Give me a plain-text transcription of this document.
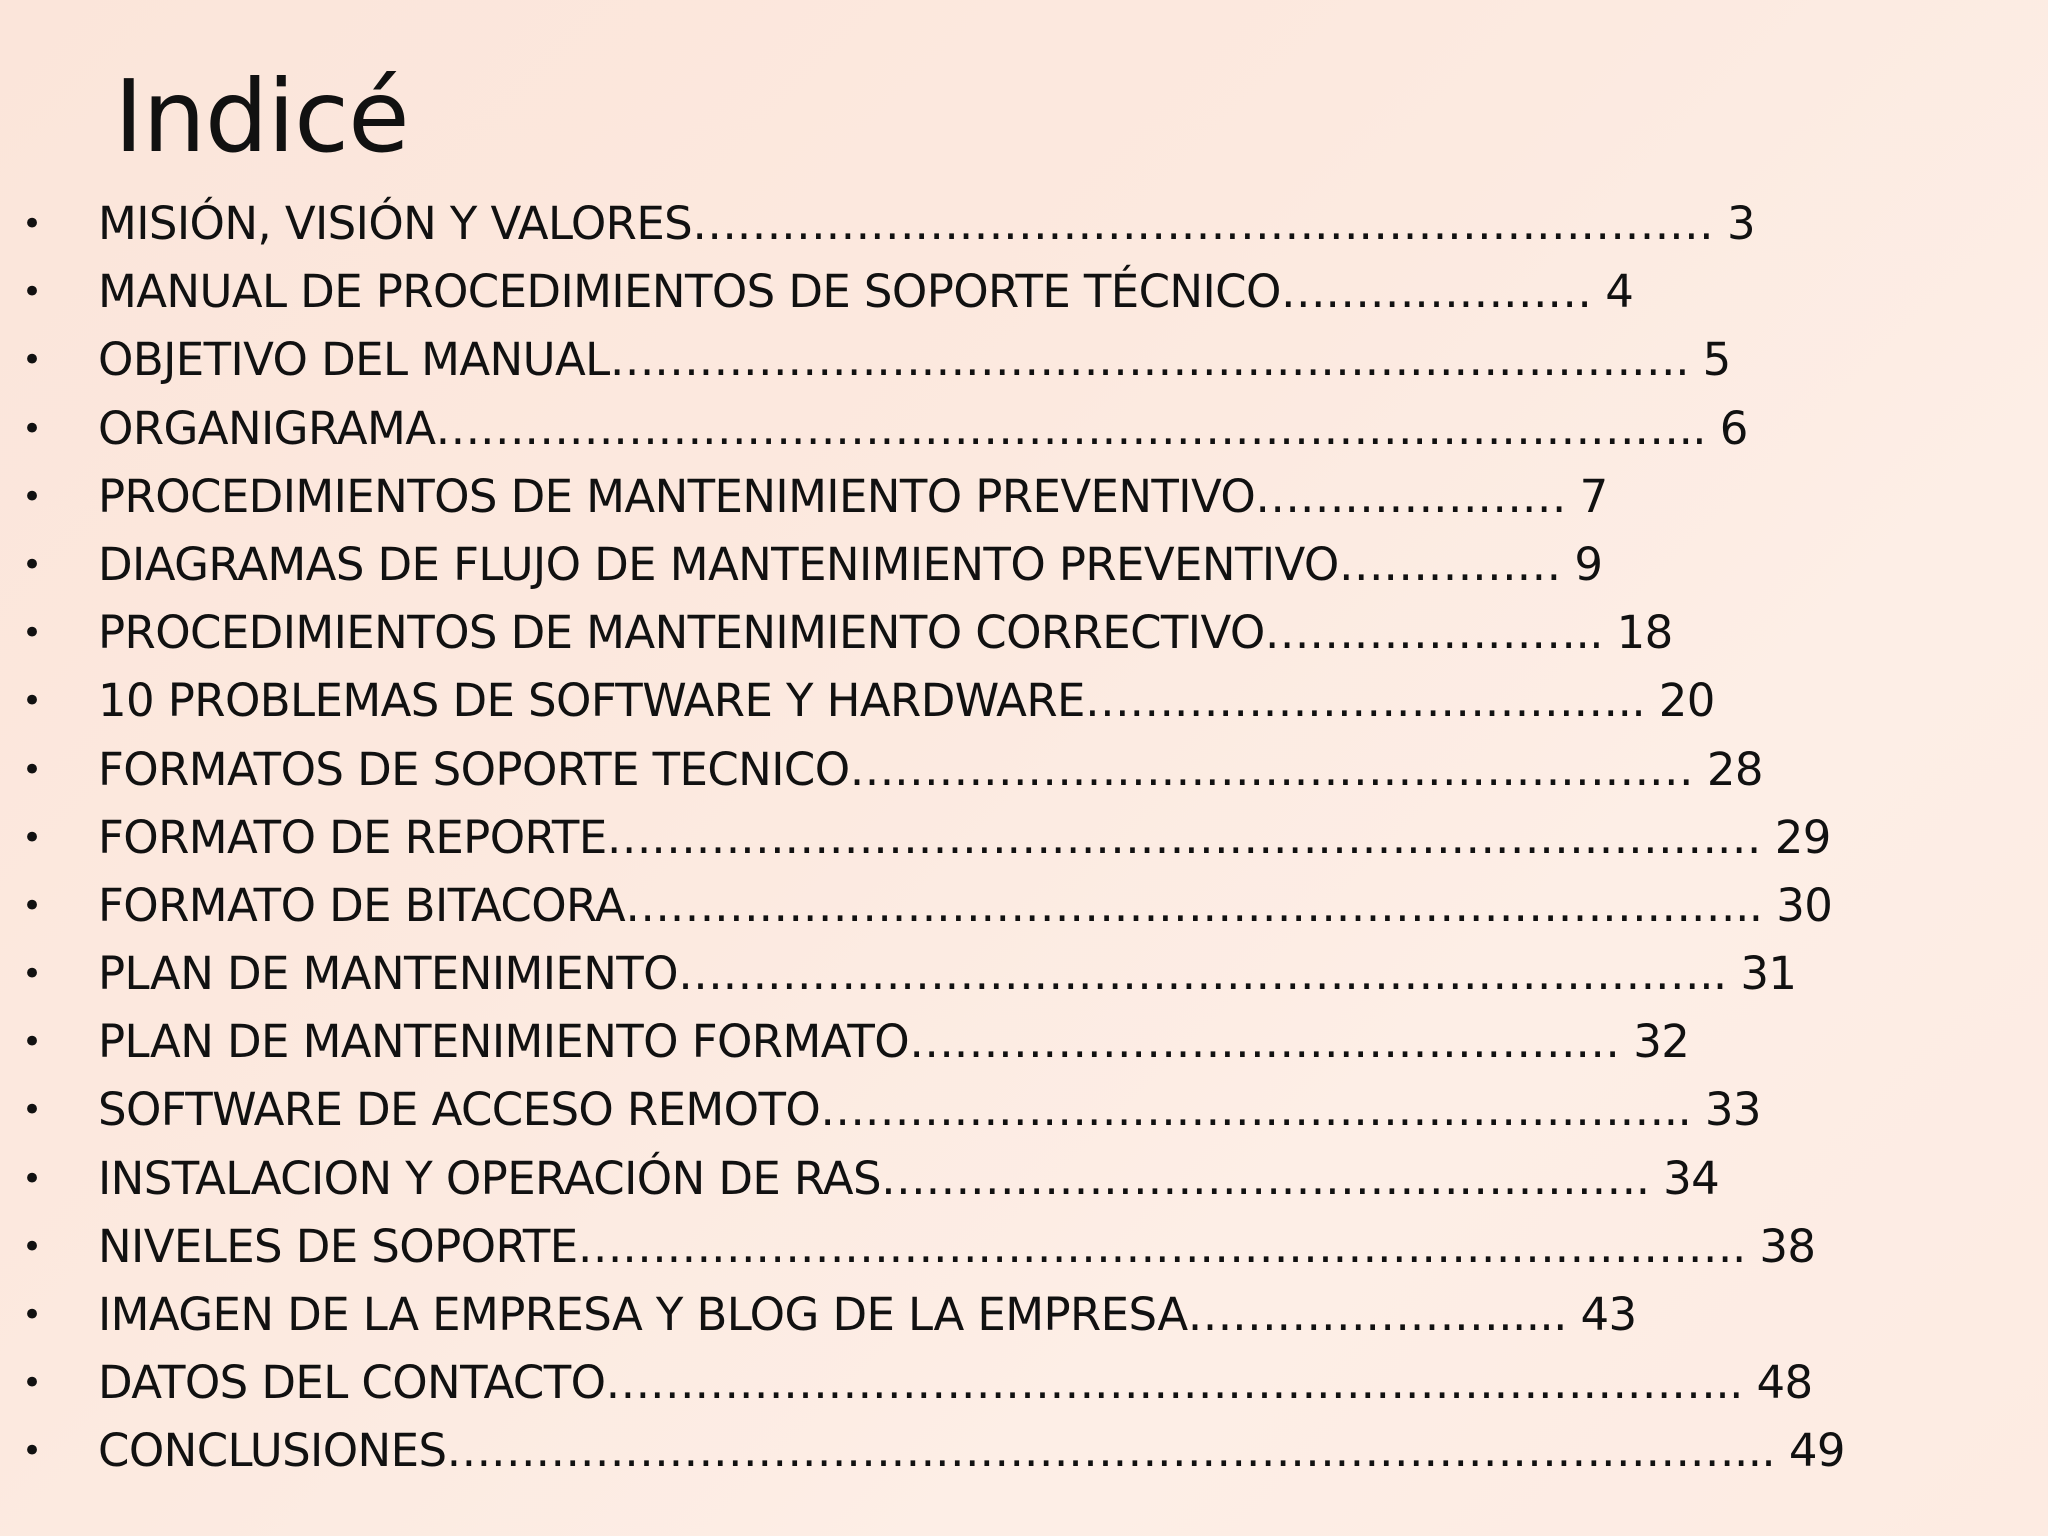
Indicé
• MISIÓN, VISIÓN Y VALORES…………………………………………………………… 3
• MANUAL DE PROCEDIMIENTOS DE SOPORTE TÉCNICO………………… 4
• OBJETIVO DEL MANUAL………………………………………………………………. 5
• ORGANIGRAMA………………………………………………………………………….. 6
• PROCEDIMIENTOS DE MANTENIMIENTO PREVENTIVO………………… 7
• DIAGRAMAS DE FLUJO DE MANTENIMIENTO PREVENTIVO…………… 9
• PROCEDIMIENTOS DE MANTENIMIENTO CORRECTIVO………………….. 18
• 10 PROBLEMAS DE SOFTWARE Y HARDWARE……………………………….. 20
• FORMATOS DE SOPORTE TECNICO………………………………………………… 28
• FORMATO DE REPORTE…………………………………………………………………… 29
• FORMATO DE BITACORA………………………………………………………………….. 30
• PLAN DE MANTENIMIENTO…………………………………………………………….. 31
• PLAN DE MANTENIMIENTO FORMATO………………………………………… 32
• SOFTWARE DE ACCESO REMOTO………………………………………………….. 33
• INSTALACION Y OPERACIÓN DE RAS……………………………………………. 34
• NIVELES DE SOPORTE……………………………………………………………………. 38
• IMAGEN DE LA EMPRESA Y BLOG DE LA EMPRESA…………………..... 43
• DATOS DEL CONTACTO………………………………………………………………….. 48
• CONCLUSIONES……………………………………………………………………………... 49
